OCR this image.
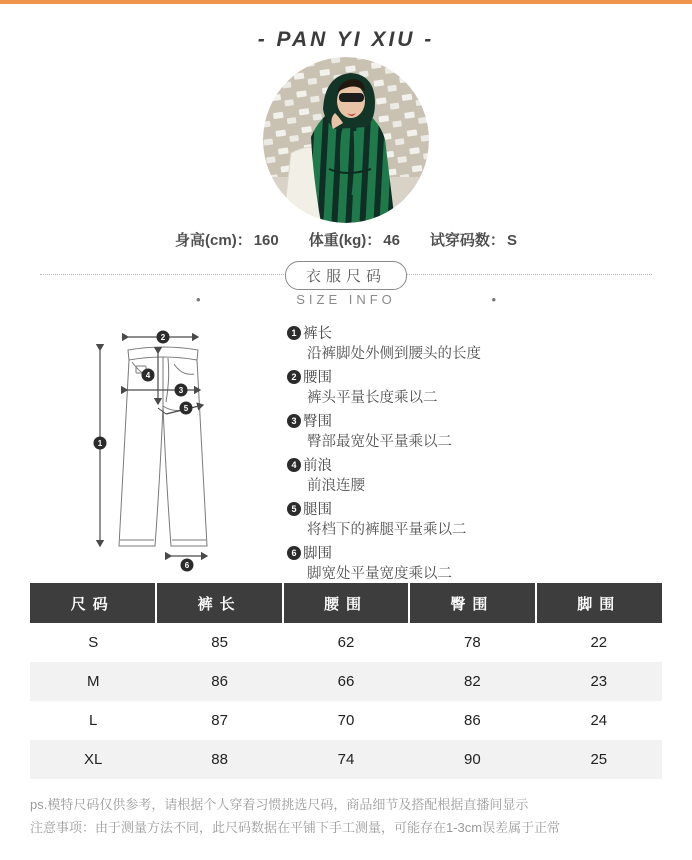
- PAN YI XIU -
身高(cm)： 160 体重(kg)： 46 试穿码数： S
衣服尺码
•	SIZE INFO	•
1
2
3
4
5
6
1 裤长
沿裤脚处外侧到腰头的长度
2 腰围
裤头平量长度乘以二
3 臀围
臀部最宽处平量乘以二
4 前浪
前浪连腰
5 腿围
将档下的裤腿平量乘以二
6 脚围
脚宽处平量宽度乘以二
尺码	裤长	腰围	臀围	脚围
S	85	62	78	22
M	86	66	82	23
L	87	70	86	24
XL	88	74	90	25
ps.模特尺码仅供参考，请根据个人穿着习惯挑选尺码，商品细节及搭配根据直播间显示
注意事项：由于测量方法不同，此尺码数据在平铺下手工测量，可能存在1-3cm误差属于正常
